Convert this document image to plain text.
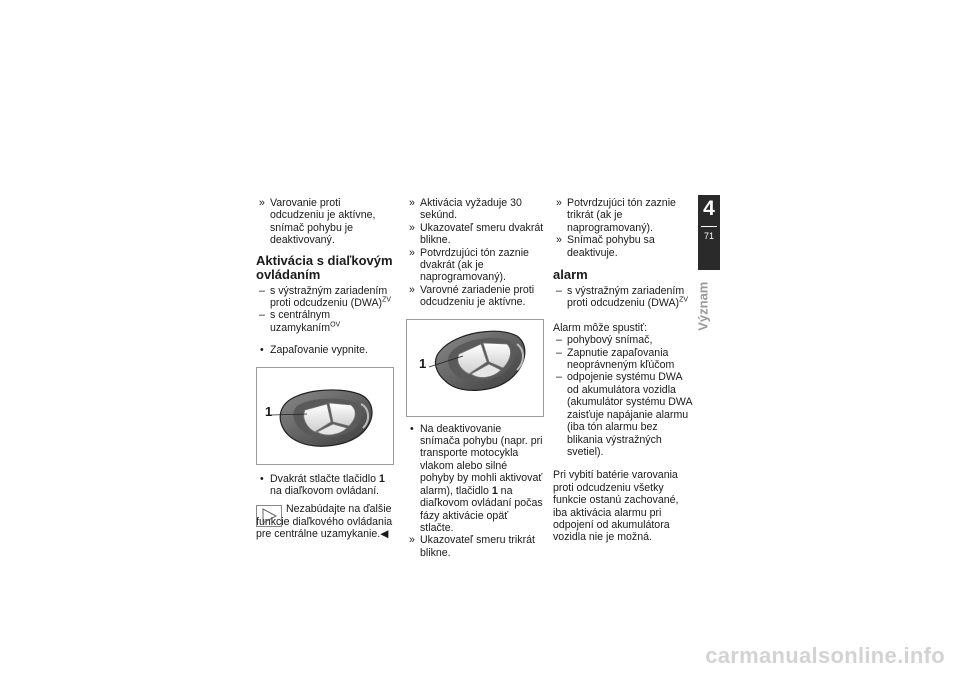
» Varovanie proti odcudzeniu je aktívne, snímač pohybu je deaktivovaný.

Aktivácia s diaľkovým ovládaním

– s výstražným zariadením proti odcudzeniu (DWA)$^{ZV}$

– s centrálnym uzamykaním$^{OV}$

• Zapaľovanie vypnite.

1

• Dvakrát stlačte tlačidlo 1 na diaľkovom ovládaní.

Nezabúdajte na ďalšie funkcie diaľkového ovládania pre centrálne uzamykanie.◀

» Aktivácia vyžaduje 30 sekúnd.

» Ukazovateľ smeru dvakrát blikne.

» Potvrdzujúci tón zaznie dvakrát (ak je naprogramovaný).

» Varovné zariadenie proti odcudzeniu je aktívne.

1

• Na deaktivovanie snímača pohybu (napr. pri transporte motocykla vlakom alebo silné pohyby by mohli aktivovať alarm), tlačidlo 1 na diaľkovom ovládaní počas fázy aktivácie opäť stlačte.

» Ukazovateľ smeru trikrát blikne.

» Potvrdzujúci tón zaznie trikrát (ak je naprogramovaný).

» Snímač pohybu sa deaktivuje.

alarm

– s výstražným zariadením proti odcudzeniu (DWA)$^{ZV}$

Alarm môže spustiť:

– pohybový snímač,

– Zapnutie zapaľovania neoprávneným kľúčom

– odpojenie systému DWA od akumulátora vozidla (akumulátor systému DWA zaisťuje napájanie alarmu (iba tón alarmu bez blikania výstražných svetiel).

Pri vybití batérie varovania proti odcudzeniu všetky funkcie ostanú zachované, iba aktivácia alarmu pri odpojení od akumulátora vozidla nie je možná.

4
71
Význam
carmanualsonline.info
